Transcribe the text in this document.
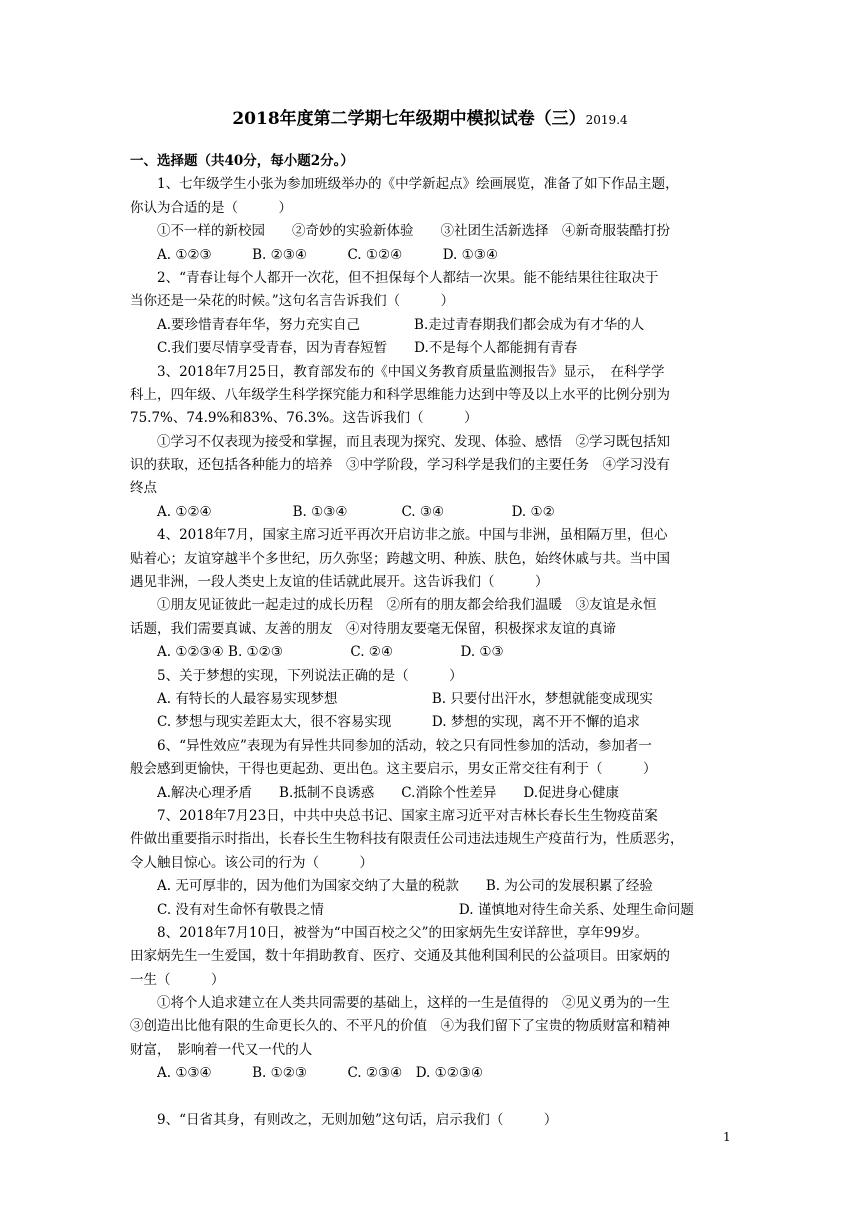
2018年度第二学期七年级期中模拟试卷（三）2019.4
一、选择题（共40分，每小题2分。）
1、七年级学生小张为参加班级举办的《中学新起点》绘画展览，准备了如下作品主题，
你认为合适的是（　　　）
①不一样的新校园　　②奇妙的实验新体验　　③社团生活新选择　④新奇服装酷打扮
A. ①②③　　　B. ②③④　　　C. ①②④　　　D. ①③④
2、“青春让每个人都开一次花，但不担保每个人都结一次果。能不能结果往往取决于
当你还是一朵花的时候。”这句名言告诉我们（　　　）
A.要珍惜青春年华，努力充实自己　　　　B.走过青春期我们都会成为有才华的人
C.我们要尽情享受青春，因为青春短暂　　D.不是每个人都能拥有青春
3、2018年7月25日，教育部发布的《中国义务教育质量监测报告》显示，　在科学学
科上，四年级、八年级学生科学探究能力和科学思维能力达到中等及以上水平的比例分别为
75.7%、74.9%和83%、76.3%。这告诉我们（　　　）
①学习不仅表现为接受和掌握，而且表现为探究、发现、体验、感悟　②学习既包括知
识的获取，还包括各种能力的培养　③中学阶段，学习科学是我们的主要任务　④学习没有
终点
A. ①②④　　　　　　B. ①③④　　　　C. ③④　　　　　D. ①②
4、2018年7月，国家主席习近平再次开启访非之旅。中国与非洲，虽相隔万里，但心
贴着心；友谊穿越半个多世纪，历久弥坚；跨越文明、种族、肤色，始终休戚与共。当中国
遇见非洲，一段人类史上友谊的佳话就此展开。这告诉我们（　　　）
①朋友见证彼此一起走过的成长历程　②所有的朋友都会给我们温暖　③友谊是永恒
话题，我们需要真诚、友善的朋友　④对待朋友要毫无保留，积极探求友谊的真谛
A. ①②③④ B. ①②③　　　　　C. ②④　　　　　D. ①③
5、关于梦想的实现，下列说法正确的是（　　　）
A. 有特长的人最容易实现梦想　　　　　　　B. 只要付出汗水，梦想就能变成现实
C. 梦想与现实差距太大，很不容易实现　　　D. 梦想的实现，离不开不懈的追求
6、“异性效应”表现为有异性共同参加的活动，较之只有同性参加的活动，参加者一
般会感到更愉快，干得也更起劲、更出色。这主要启示，男女正常交往有利于（　　　）
A.解决心理矛盾　　B.抵制不良诱惑　　C.消除个性差异　　D.促进身心健康
7、2018年7月23日，中共中央总书记、国家主席习近平对吉林长春长生生物疫苗案
件做出重要指示时指出，长春长生生物科技有限责任公司违法违规生产疫苗行为，性质恶劣，
令人触目惊心。该公司的行为（　　　）
A. 无可厚非的，因为他们为国家交纳了大量的税款　　B. 为公司的发展积累了经验
C. 没有对生命怀有敬畏之情　　　　　　　　　　D. 谨慎地对待生命关系、处理生命问题
8、2018年7月10日，被誉为“中国百校之父”的田家炳先生安详辞世，享年99岁。
田家炳先生一生爱国，数十年捐助教育、医疗、交通及其他利国利民的公益项目。田家炳的
一生（　　　）
①将个人追求建立在人类共同需要的基础上，这样的一生是值得的　②见义勇为的一生
③创造出比他有限的生命更长久的、不平凡的价值　④为我们留下了宝贵的物质财富和精神
财富，　影响着一代又一代的人
A. ①③④　　　B. ①②③　　　C. ②③④　D. ①②③④
9、“日省其身，有则改之，无则加勉”这句话，启示我们（　　　）
1
